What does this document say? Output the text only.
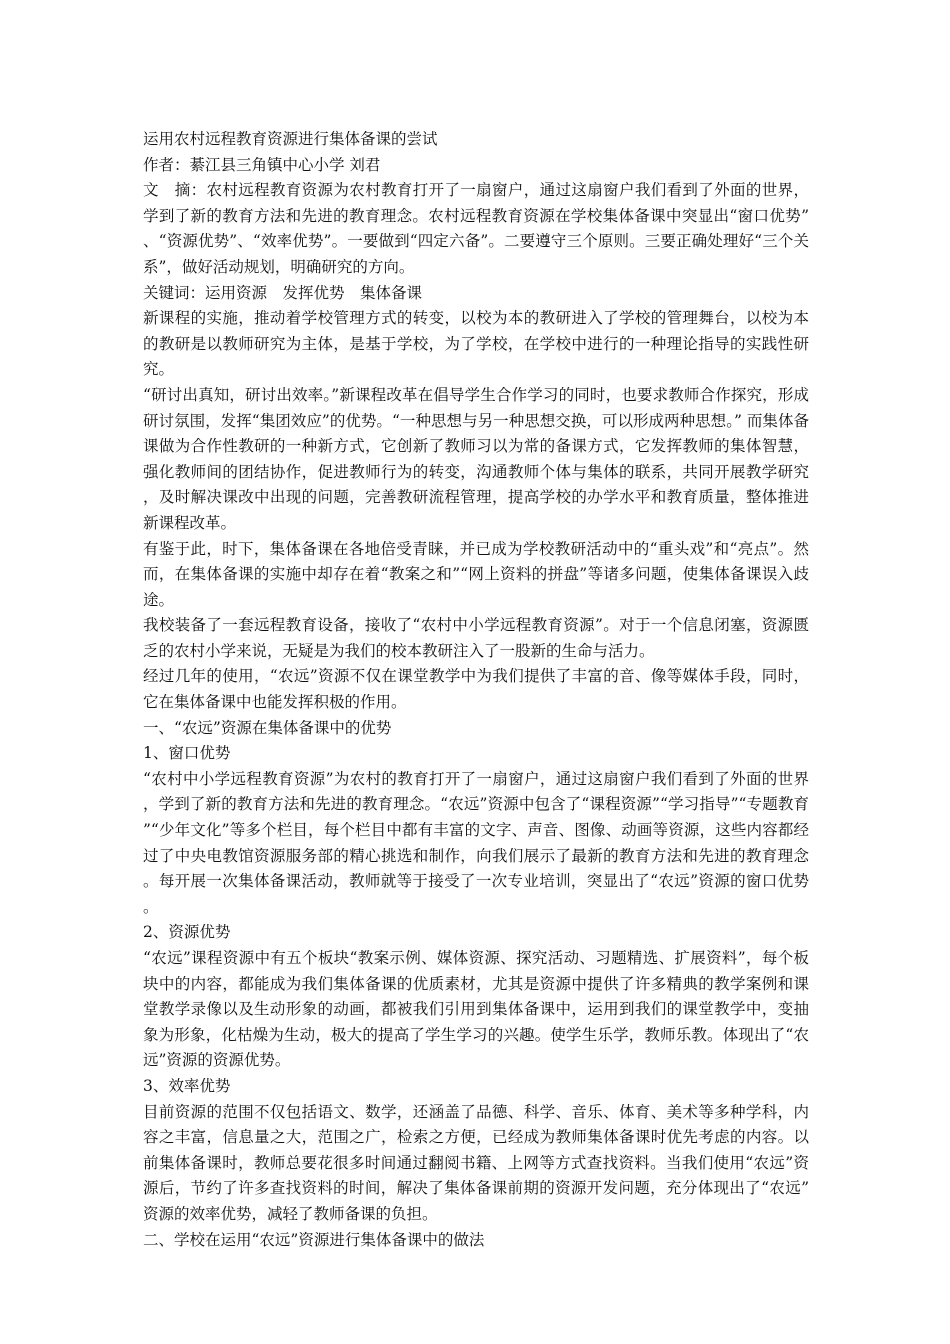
运用农村远程教育资源进行集体备课的尝试

作者：綦江县三角镇中心小学 刘君

文　摘：农村远程教育资源为农村教育打开了一扇窗户，通过这扇窗户我们看到了外面的世界，学到了新的教育方法和先进的教育理念。农村远程教育资源在学校集体备课中突显出“窗口优势”、“资源优势”、“效率优势”。一要做到“四定六备”。二要遵守三个原则。三要正确处理好“三个关系”，做好活动规划，明确研究的方向。

关键词：运用资源　发挥优势　集体备课

新课程的实施，推动着学校管理方式的转变，以校为本的教研进入了学校的管理舞台，以校为本的教研是以教师研究为主体，是基于学校，为了学校，在学校中进行的一种理论指导的实践性研究。

“研讨出真知，研讨出效率。”新课程改革在倡导学生合作学习的同时，也要求教师合作探究，形成研讨氛围，发挥“集团效应”的优势。“一种思想与另一种思想交换，可以形成两种思想。” 而集体备课做为合作性教研的一种新方式，它创新了教师习以为常的备课方式，它发挥教师的集体智慧，强化教师间的团结协作，促进教师行为的转变，沟通教师个体与集体的联系，共同开展教学研究，及时解决课改中出现的问题，完善教研流程管理，提高学校的办学水平和教育质量，整体推进新课程改革。

有鉴于此，时下，集体备课在各地倍受青睐，并已成为学校教研活动中的“重头戏”和“亮点”。然而，在集体备课的实施中却存在着“教案之和”“网上资料的拼盘”等诸多问题，使集体备课误入歧途。

我校装备了一套远程教育设备，接收了“农村中小学远程教育资源”。对于一个信息闭塞，资源匮乏的农村小学来说，无疑是为我们的校本教研注入了一股新的生命与活力。

经过几年的使用，“农远”资源不仅在课堂教学中为我们提供了丰富的音、像等媒体手段，同时，它在集体备课中也能发挥积极的作用。

一、“农远”资源在集体备课中的优势

1、窗口优势

“农村中小学远程教育资源”为农村的教育打开了一扇窗户，通过这扇窗户我们看到了外面的世界，学到了新的教育方法和先进的教育理念。“农远”资源中包含了“课程资源”“学习指导”“专题教育”“少年文化”等多个栏目，每个栏目中都有丰富的文字、声音、图像、动画等资源，这些内容都经过了中央电教馆资源服务部的精心挑选和制作，向我们展示了最新的教育方法和先进的教育理念。每开展一次集体备课活动，教师就等于接受了一次专业培训，突显出了“农远”资源的窗口优势。

2、资源优势

“农远”课程资源中有五个板块“教案示例、媒体资源、探究活动、习题精选、扩展资料”，每个板块中的内容，都能成为我们集体备课的优质素材，尤其是资源中提供了许多精典的教学案例和课堂教学录像以及生动形象的动画，都被我们引用到集体备课中，运用到我们的课堂教学中，变抽象为形象，化枯燥为生动，极大的提高了学生学习的兴趣。使学生乐学，教师乐教。体现出了“农远”资源的资源优势。

3、效率优势

目前资源的范围不仅包括语文、数学，还涵盖了品德、科学、音乐、体育、美术等多种学科，内容之丰富，信息量之大，范围之广，检索之方便，已经成为教师集体备课时优先考虑的内容。以前集体备课时，教师总要花很多时间通过翻阅书籍、上网等方式查找资料。当我们使用“农远”资源后，节约了许多查找资料的时间，解决了集体备课前期的资源开发问题，充分体现出了“农远”资源的效率优势，减轻了教师备课的负担。

二、学校在运用“农远”资源进行集体备课中的做法
